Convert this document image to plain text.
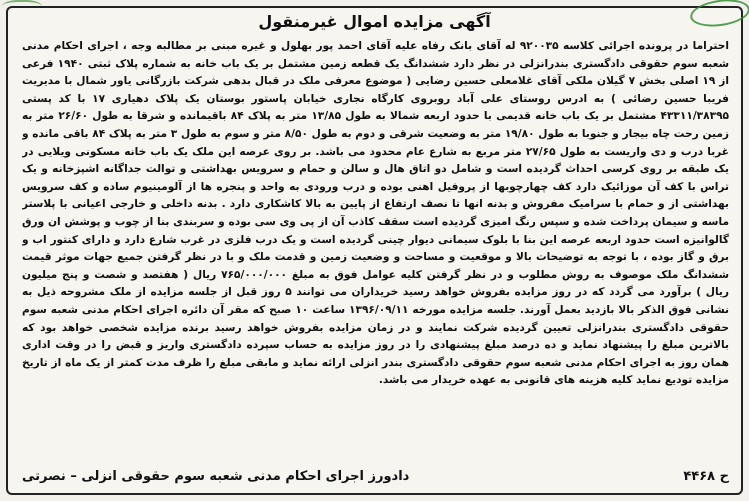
آگهی مزایده اموال غیرمنقول
احتراما در پرونده اجرائی کلاسه ۹۲۰۰۳۵ له آقای بانک رفاه علیه آقای احمد پور بهلول و غیره مبنی بر مطالبه وجه ، اجرای احکام مدنی شعبه سوم حقوقی دادگستری بندرانزلی در نظر دارد ششدانگ یک قطعه زمین مشتمل بر یک باب خانه به شماره پلاک ثبتی ۱۹۴۰ فرعی از ۱۹ اصلی بخش ۷ گیلان ملکی آقای غلامعلی حسین رضایی ( موضوع معرفی ملک در قبال بدهی شرکت بازرگانی یاور شمال با مدیریت فریبا حسین رضائی ) به ادرس روستای علی آباد روبروی کارگاه نجاری خیابان پاستور بوستان یک پلاک دهیاری ۱۷ با کد پستی ۴۳۳۱۱/۳۸۳۹۵ مشتمل بر یک باب خانه قدیمی با حدود اربعه شمالا به طول ۱۳/۸۵ متر به پلاک ۸۴ باقیمانده و شرقا به طول ۲۶/۶۰ متر به زمین رحت چاه بیجار و جنوبا به طول ۱۹/۸۰ متر به وضعیت شرقی و دوم به طول ۸/۵۰ متر و سوم به طول ۳ متر به پلاک ۸۴ باقی مانده و غربا درب و دی واریست به طول ۲۷/۶۵ متر مربع به شارع عام محدود می باشد. بر روی عرصه این ملک یک باب خانه مسکونی ویلایی در یک طبقه بر روی کرسی احداث گردیده است و شامل دو اتاق هال و سالن و حمام و سرویس بهداشتی و توالت جداگانه اشپزخانه و یک تراس با کف آن موزائیک دارد کف چهارچوبها از پروفیل اهنی بوده و درب ورودی به واحد و پنجره ها از آلومینیوم ساده و کف سرویس بهداشتی از و حمام با سرامیک مفروش و بدنه انها تا نصف ارتفاع از پایین به بالا کاشکاری دارد . بدنه داخلی و خارجی اعیانی با پلاستر ماسه و سیمان پرداخت شده و سپس رنگ امیزی گردیده است سقف کاذب آن از پی وی سی بوده و سربندی بنا از چوب و پوشش ان ورق گالوانیزه است حدود اربعه عرصه این بنا با بلوک سیمانی دیوار چینی گردیده است و یک درب فلزی در غرب شارع دارد و دارای کنتور اب و برق و گاز بوده ، با توجه به توضیحات بالا و موقعیت و مساحت و وضعیت زمین و قدمت ملک و با در نظر گرفتن جمیع جهات موثر قیمت ششدانگ ملک موصوف به روش مطلوب و در نظر گرفتن کلیه عوامل فوق به مبلغ ۷۶۵/۰۰۰/۰۰۰ ریال ( هفتصد و شصت و پنج میلیون ریال ) برآورد می گردد که در روز مزایده بفروش خواهد رسید خریداران می توانند ۵ روز قبل از جلسه مزایده از ملک مشروحه ذیل به نشانی فوق الذکر بالا بازدید بعمل آورند. جلسه مزایده مورخه ۱۳۹۶/۰۹/۱۱ ساعت ۱۰ صبح که مقر آن دائره اجرای احکام مدنی شعبه سوم حقوقی دادگستری بندرانزلی تعیین گردیده شرکت نمایند و در زمان مزایده بفروش خواهد رسید برنده مزایده شخصی خواهد بود که بالاترین مبلغ را پیشنهاد نماید و ده درصد مبلغ پیشنهادی را در روز مزایده به حساب سپرده دادگستری واریز و قبض را در وقت اداری همان روز به اجرای احکام مدنی شعبه سوم حقوقی دادگستری بندر انزلی ارائه نماید و مابقی مبلغ را ظرف مدت کمتر از یک ماه از تاریخ مزایده تودیع نماید کلیه هزینه های قانونی به عهده خریدار می باشد.
ح ۴۴۶۸
دادورز اجرای احکام مدنی شعبه سوم حقوقی انزلی – نصرتی
